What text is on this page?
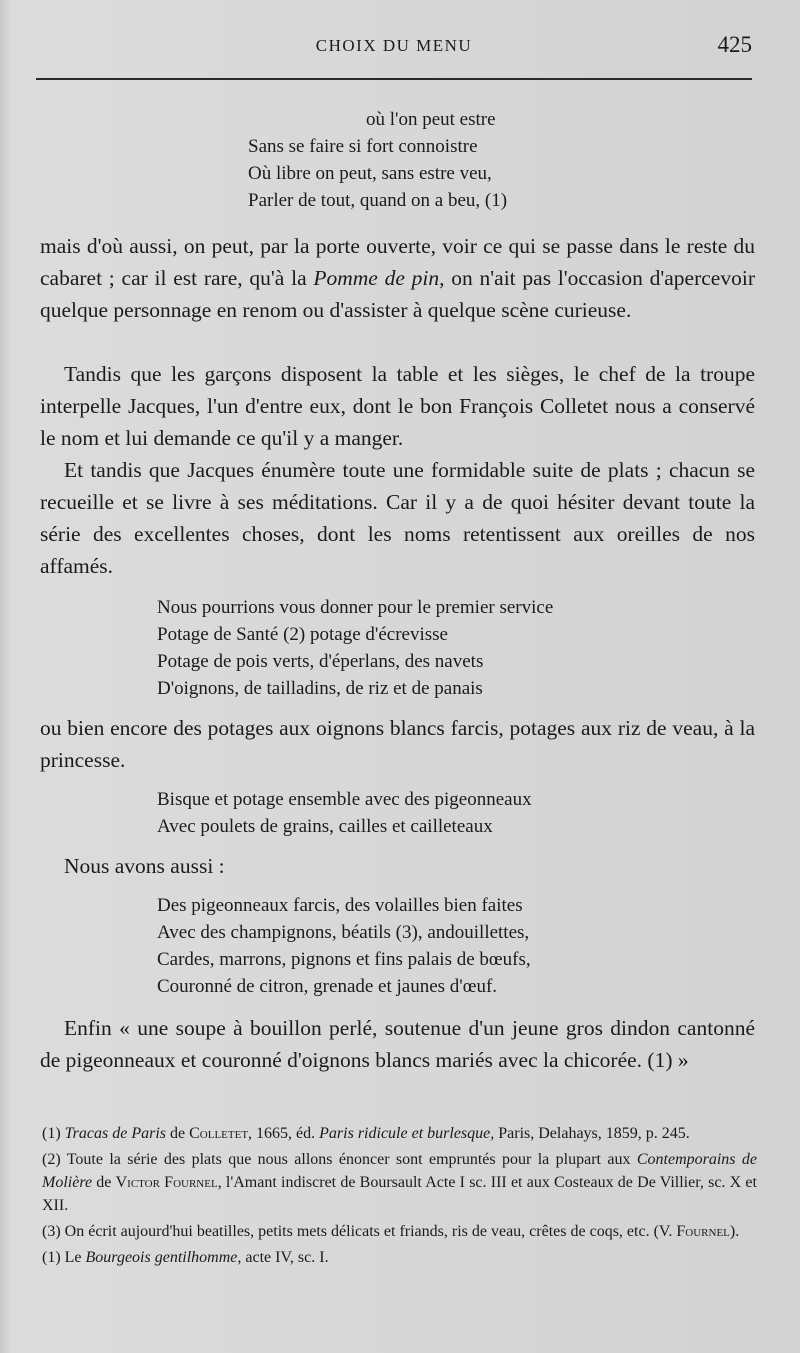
CHOIX DU MENU	425
où l'on peut estre
Sans se faire si fort connoistre
Où libre on peut, sans estre veu,
Parler de tout, quand on a beu, (1)

mais d'où aussi, on peut, par la porte ouverte, voir ce qui se passe dans le reste du cabaret ; car il est rare, qu'à la Pomme de pin, on n'ait pas l'occasion d'apercevoir quelque personnage en renom ou d'assister à quelque scène curieuse.

Tandis que les garçons disposent la table et les sièges, le chef de la troupe interpelle Jacques, l'un d'entre eux, dont le bon François Colletet nous a conservé le nom et lui demande ce qu'il y a manger.

Et tandis que Jacques énumère toute une formidable suite de plats ; chacun se recueille et se livre à ses méditations. Car il y a de quoi hésiter devant toute la série des excellentes choses, dont les noms retentissent aux oreilles de nos affamés.

Nous pourrions vous donner pour le premier service
Potage de Santé (2) potage d'écrevisse
Potage de pois verts, d'éperlans, des navets
D'oignons, de tailladins, de riz et de panais

ou bien encore des potages aux oignons blancs farcis, potages aux riz de veau, à la princesse.

Bisque et potage ensemble avec des pigeonneaux
Avec poulets de grains, cailles et cailleteaux

Nous avons aussi :

Des pigeonneaux farcis, des volailles bien faites
Avec des champignons, béatils (3), andouillettes,
Cardes, marrons, pignons et fins palais de bœufs,
Couronné de citron, grenade et jaunes d'œuf.

Enfin « une soupe à bouillon perlé, soutenue d'un jeune gros dindon cantonné de pigeonneaux et couronné d'oignons blancs mariés avec la chicorée. (1) »

(1) Tracas de Paris de Colletet, 1665, éd. Paris ridicule et burlesque, Paris, Delahays, 1859, p. 245.

(2) Toute la série des plats que nous allons énoncer sont empruntés pour la plupart aux Contemporains de Molière de Victor Fournel, l'Amant indiscret de Boursault Acte I sc. III et aux Costeaux de De Villier, sc. X et XII.

(3) On écrit aujourd'hui beatilles, petits mets délicats et friands, ris de veau, crêtes de coqs, etc. (V. Fournel).

(1) Le Bourgeois gentilhomme, acte IV, sc. I.
